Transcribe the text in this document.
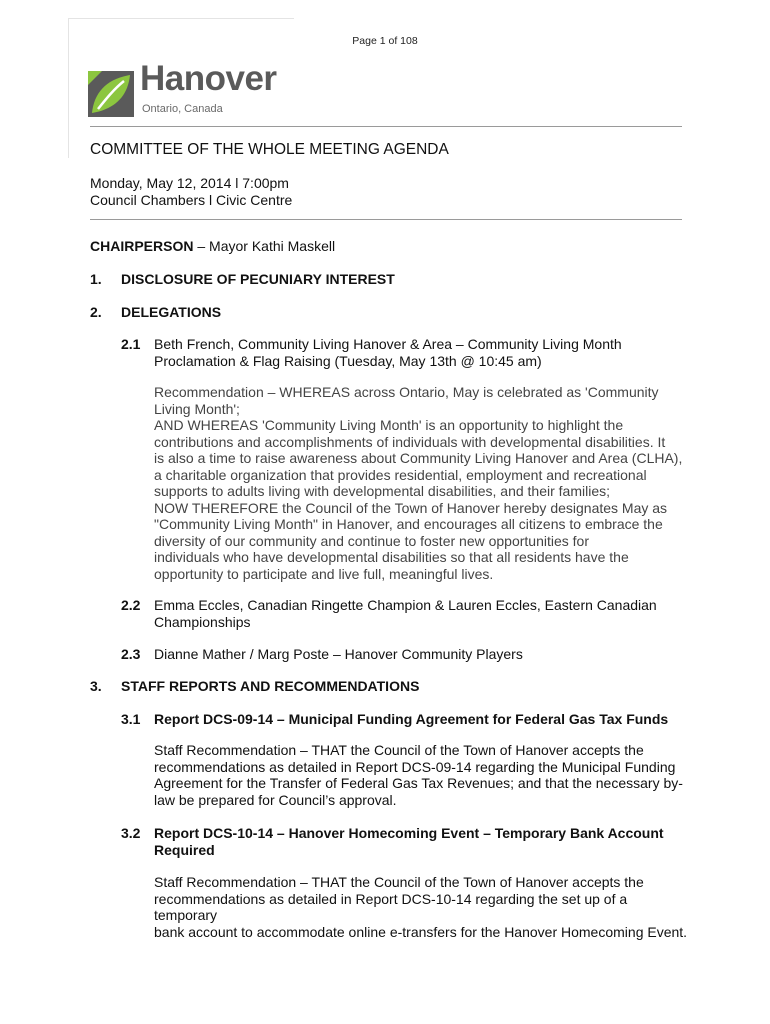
Page 1 of 108
Hanover
Ontario, Canada
COMMITTEE OF THE WHOLE MEETING AGENDA
Monday, May 12, 2014 l 7:00pm
Council Chambers l Civic Centre
CHAIRPERSON – Mayor Kathi Maskell
1. DISCLOSURE OF PECUNIARY INTEREST
2. DELEGATIONS
2.1 Beth French, Community Living Hanover & Area – Community Living Month
Proclamation & Flag Raising (Tuesday, May 13th @ 10:45 am)
Recommendation – WHEREAS across Ontario, May is celebrated as 'Community
Living Month';
AND WHEREAS 'Community Living Month' is an opportunity to highlight the
contributions and accomplishments of individuals with developmental disabilities. It
is also a time to raise awareness about Community Living Hanover and Area (CLHA),
a charitable organization that provides residential, employment and recreational
supports to adults living with developmental disabilities, and their families;
NOW THEREFORE the Council of the Town of Hanover hereby designates May as
"Community Living Month" in Hanover, and encourages all citizens to embrace the
diversity of our community and continue to foster new opportunities for
individuals who have developmental disabilities so that all residents have the
opportunity to participate and live full, meaningful lives.
2.2 Emma Eccles, Canadian Ringette Champion & Lauren Eccles, Eastern Canadian
Championships
2.3 Dianne Mather / Marg Poste – Hanover Community Players
3. STAFF REPORTS AND RECOMMENDATIONS
3.1 Report DCS-09-14 – Municipal Funding Agreement for Federal Gas Tax Funds
Staff Recommendation – THAT the Council of the Town of Hanover accepts the
recommendations as detailed in Report DCS-09-14 regarding the Municipal Funding
Agreement for the Transfer of Federal Gas Tax Revenues; and that the necessary by-
law be prepared for Council’s approval.
3.2 Report DCS-10-14 – Hanover Homecoming Event – Temporary Bank Account
Required
Staff Recommendation – THAT the Council of the Town of Hanover accepts the
recommendations as detailed in Report DCS-10-14 regarding the set up of a temporary
bank account to accommodate online e-transfers for the Hanover Homecoming Event.
